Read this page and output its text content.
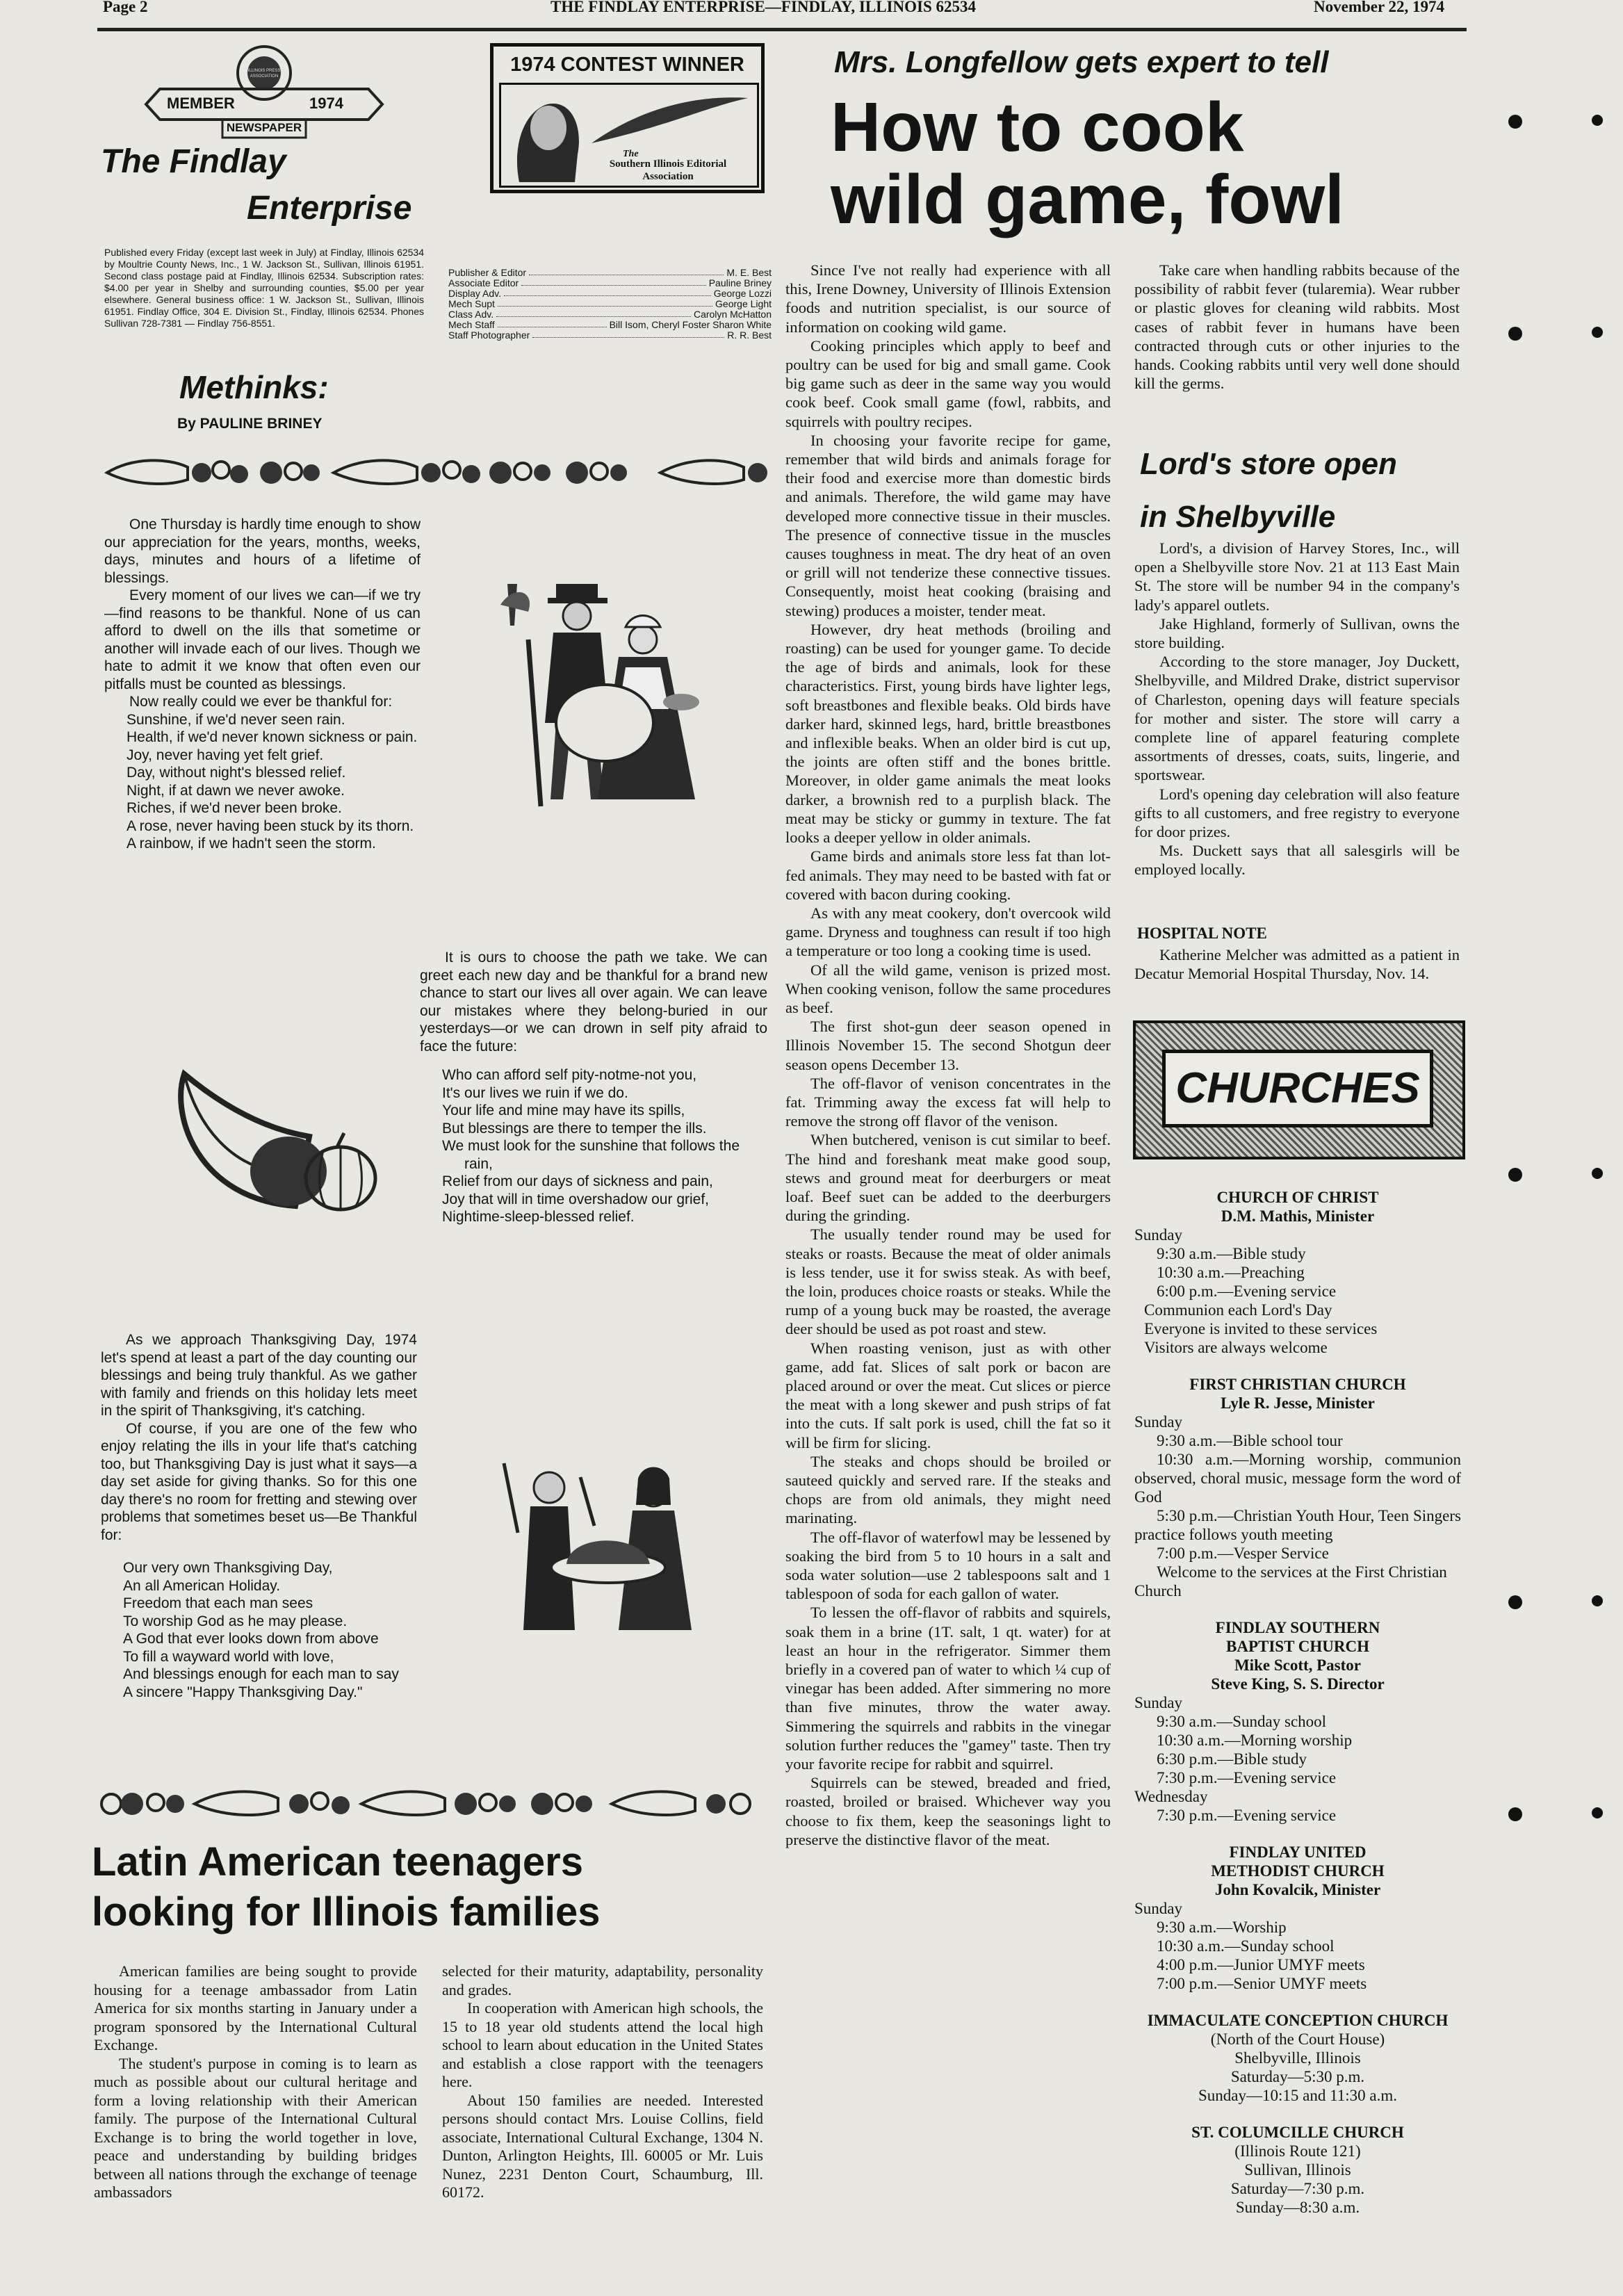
Page 2	THE FINDLAY ENTERPRISE—FINDLAY, ILLINOIS 62534	November 22, 1974
MEMBER	1974
NEWSPAPER
ILLINOIS PRESS ASSOCIATION
The Findlay
Enterprise
Published every Friday (except last week in July) at Findlay, Illinois 62534 by Moultrie County News, Inc., 1 W. Jackson St., Sullivan, Illinois 61951. Second class postage paid at Findlay, Illinois 62534. Subscription rates: $4.00 per year in Shelby and surrounding counties, $5.00 per year elsewhere. General business office: 1 W. Jackson St., Sullivan, Illinois 61951. Findlay Office, 304 E. Division St., Findlay, Illinois 62534. Phones Sullivan 728-7381 — Findlay 756-8551.
Publisher & Editor	M. E. Best
Associate Editor	Pauline Briney
Display Adv.	George Lozzi
Mech Supt	George Light
Class Adv.	Carolyn McHatton
Mech Staff	Bill Isom, Cheryl Foster Sharon White
Staff Photographer	R. R. Best
1974 CONTEST WINNER
The
Southern Illinois Editorial
Association
Methinks:
By PAULINE BRINEY

One Thursday is hardly time enough to show our appreciation for the years, months, weeks, days, minutes and hours of a lifetime of blessings.

Every moment of our lives we can—if we try—find reasons to be thankful. None of us can afford to dwell on the ills that sometime or another will invade each of our lives. Though we hate to admit it we know that often even our pitfalls must be counted as blessings.

Now really could we ever be thankful for:

Sunshine, if we'd never seen rain.
Health, if we'd never known sickness or pain.
Joy, never having yet felt grief.
Day, without night's blessed relief.
Night, if at dawn we never awoke.
Riches, if we'd never been broke.
A rose, never having been stuck by its thorn.
A rainbow, if we hadn't seen the storm.

It is ours to choose the path we take. We can greet each new day and be thankful for a brand new chance to start our lives all over again. We can leave our mistakes where they belong-buried in our yesterdays—or we can drown in self pity afraid to face the future:

Who can afford self pity-notme-not you,
It's our lives we ruin if we do.
Your life and mine may have its spills,
But blessings are there to temper the ills.
We must look for the sunshine that follows the rain,
Relief from our days of sickness and pain,
Joy that will in time overshadow our grief,
Nightime-sleep-blessed relief.

As we approach Thanksgiving Day, 1974 let's spend at least a part of the day counting our blessings and being truly thankful. As we gather with family and friends on this holiday lets meet in the spirit of Thanksgiving, it's catching.

Of course, if you are one of the few who enjoy relating the ills in your life that's catching too, but Thanksgiving Day is just what it says—a day set aside for giving thanks. So for this one day there's no room for fretting and stewing over problems that sometimes beset us—Be Thankful for:

Our very own Thanksgiving Day,
An all American Holiday.
Freedom that each man sees
To worship God as he may please.
A God that ever looks down from above
To fill a wayward world with love,
And blessings enough for each man to say
A sincere "Happy Thanksgiving Day."
Latin American teenagers
looking for Illinois families

American families are being sought to provide housing for a teenage ambassador from Latin America for six months starting in January under a program sponsored by the International Cultural Exchange.

The student's purpose in coming is to learn as much as possible about our cultural heritage and form a loving relationship with their American family. The purpose of the International Cultural Exchange is to bring the world together in love, peace and understanding by building bridges between all nations through the exchange of teenage ambassadors

selected for their maturity, adaptability, personality and grades.

In cooperation with American high schools, the 15 to 18 year old students attend the local high school to learn about education in the United States and establish a close rapport with the teenagers here.

About 150 families are needed. Interested persons should contact Mrs. Louise Collins, field associate, International Cultural Exchange, 1304 N. Dunton, Arlington Heights, Ill. 60005 or Mr. Luis Nunez, 2231 Denton Court, Schaumburg, Ill. 60172.

Mrs. Longfellow gets expert to tell
How to cook
wild game, fowl

Since I've not really had experience with all this, Irene Downey, University of Illinois Extension foods and nutrition specialist, is our source of information on cooking wild game.

Cooking principles which apply to beef and poultry can be used for big and small game. Cook big game such as deer in the same way you would cook beef. Cook small game (fowl, rabbits, and squirrels with poultry recipes.

In choosing your favorite recipe for game, remember that wild birds and animals forage for their food and exercise more than domestic birds and animals. Therefore, the wild game may have developed more connective tissue in their muscles. The presence of connective tissue in the muscles causes toughness in meat. The dry heat of an oven or grill will not tenderize these connective tissues. Consequently, moist heat cooking (braising and stewing) produces a moister, tender meat.

However, dry heat methods (broiling and roasting) can be used for younger game. To decide the age of birds and animals, look for these characteristics. First, young birds have lighter legs, soft breastbones and flexible beaks. Old birds have darker hard, skinned legs, hard, brittle breastbones and inflexible beaks. When an older bird is cut up, the joints are often stiff and the bones brittle. Moreover, in older game animals the meat looks darker, a brownish red to a purplish black. The meat may be sticky or gummy in texture. The fat looks a deeper yellow in older animals.

Game birds and animals store less fat than lot-fed animals. They may need to be basted with fat or covered with bacon during cooking.

As with any meat cookery, don't overcook wild game. Dryness and toughness can result if too high a temperature or too long a cooking time is used.

Of all the wild game, venison is prized most. When cooking venison, follow the same procedures as beef.

The first shot-gun deer season opened in Illinois November 15. The second Shotgun deer season opens December 13.

The off-flavor of venison concentrates in the fat. Trimming away the excess fat will help to remove the strong off flavor of the venison.

When butchered, venison is cut similar to beef. The hind and foreshank meat make good soup, stews and ground meat for deerburgers or meat loaf. Beef suet can be added to the deerburgers during the grinding.

The usually tender round may be used for steaks or roasts. Because the meat of older animals is less tender, use it for swiss steak. As with beef, the loin, produces choice roasts or steaks. While the rump of a young buck may be roasted, the average deer should be used as pot roast and stew.

When roasting venison, just as with other game, add fat. Slices of salt pork or bacon are placed around or over the meat. Cut slices or pierce the meat with a long skewer and push strips of fat into the cuts. If salt pork is used, chill the fat so it will be firm for slicing.

The steaks and chops should be broiled or sauteed quickly and served rare. If the steaks and chops are from old animals, they might need marinating.

The off-flavor of waterfowl may be lessened by soaking the bird from 5 to 10 hours in a salt and soda water solution—use 2 tablespoons salt and 1 tablespoon of soda for each gallon of water.

To lessen the off-flavor of rabbits and squirels, soak them in a brine (1T. salt, 1 qt. water) for at least an hour in the refrigerator. Simmer them briefly in a covered pan of water to which ¼ cup of vinegar has been added. After simmering no more than five minutes, throw the water away. Simmering the squirrels and rabbits in the vinegar solution further reduces the "gamey" taste. Then try your favorite recipe for rabbit and squirrel.

Squirrels can be stewed, breaded and fried, roasted, broiled or braised. Whichever way you choose to fix them, keep the seasonings light to preserve the distinctive flavor of the meat.

Take care when handling rabbits because of the possibility of rabbit fever (tularemia). Wear rubber or plastic gloves for cleaning wild rabbits. Most cases of rabbit fever in humans have been contracted through cuts or other injuries to the hands. Cooking rabbits until very well done should kill the germs.

Lord's store open
in Shelbyville

Lord's, a division of Harvey Stores, Inc., will open a Shelbyville store Nov. 21 at 113 East Main St. The store will be number 94 in the company's lady's apparel outlets.

Jake Highland, formerly of Sullivan, owns the store building.

According to the store manager, Joy Duckett, Shelbyville, and Mildred Drake, district supervisor of Charleston, opening days will feature specials for mother and sister. The store will carry a complete line of apparel featuring complete assortments of dresses, coats, suits, lingerie, and sportswear.

Lord's opening day celebration will also feature gifts to all customers, and free registry to everyone for door prizes.

Ms. Duckett says that all salesgirls will be employed locally.

HOSPITAL NOTE

Katherine Melcher was admitted as a patient in Decatur Memorial Hospital Thursday, Nov. 14.

CHURCHES
CHURCH OF CHRIST
D.M. Mathis, Minister
Sunday
9:30 a.m.—Bible study
10:30 a.m.—Preaching
6:00 p.m.—Evening service
Communion each Lord's Day
Everyone is invited to these services
Visitors are always welcome
FIRST CHRISTIAN CHURCH
Lyle R. Jesse, Minister
Sunday
9:30 a.m.—Bible school tour
10:30 a.m.—Morning worship, communion observed, choral music, message form the word of God
5:30 p.m.—Christian Youth Hour, Teen Singers practice follows youth meeting
7:00 p.m.—Vesper Service
Welcome to the services at the First Christian Church
FINDLAY SOUTHERN
BAPTIST CHURCH
Mike Scott, Pastor
Steve King, S. S. Director
Sunday
9:30 a.m.—Sunday school
10:30 a.m.—Morning worship
6:30 p.m.—Bible study
7:30 p.m.—Evening service
Wednesday
7:30 p.m.—Evening service
FINDLAY UNITED
METHODIST CHURCH
John Kovalcik, Minister
Sunday
9:30 a.m.—Worship
10:30 a.m.—Sunday school
4:00 p.m.—Junior UMYF meets
7:00 p.m.—Senior UMYF meets
IMMACULATE CONCEPTION CHURCH
(North of the Court House)
Shelbyville, Illinois
Saturday—5:30 p.m.
Sunday—10:15 and 11:30 a.m.
ST. COLUMCILLE CHURCH
(Illinois Route 121)
Sullivan, Illinois
Saturday—7:30 p.m.
Sunday—8:30 a.m.
